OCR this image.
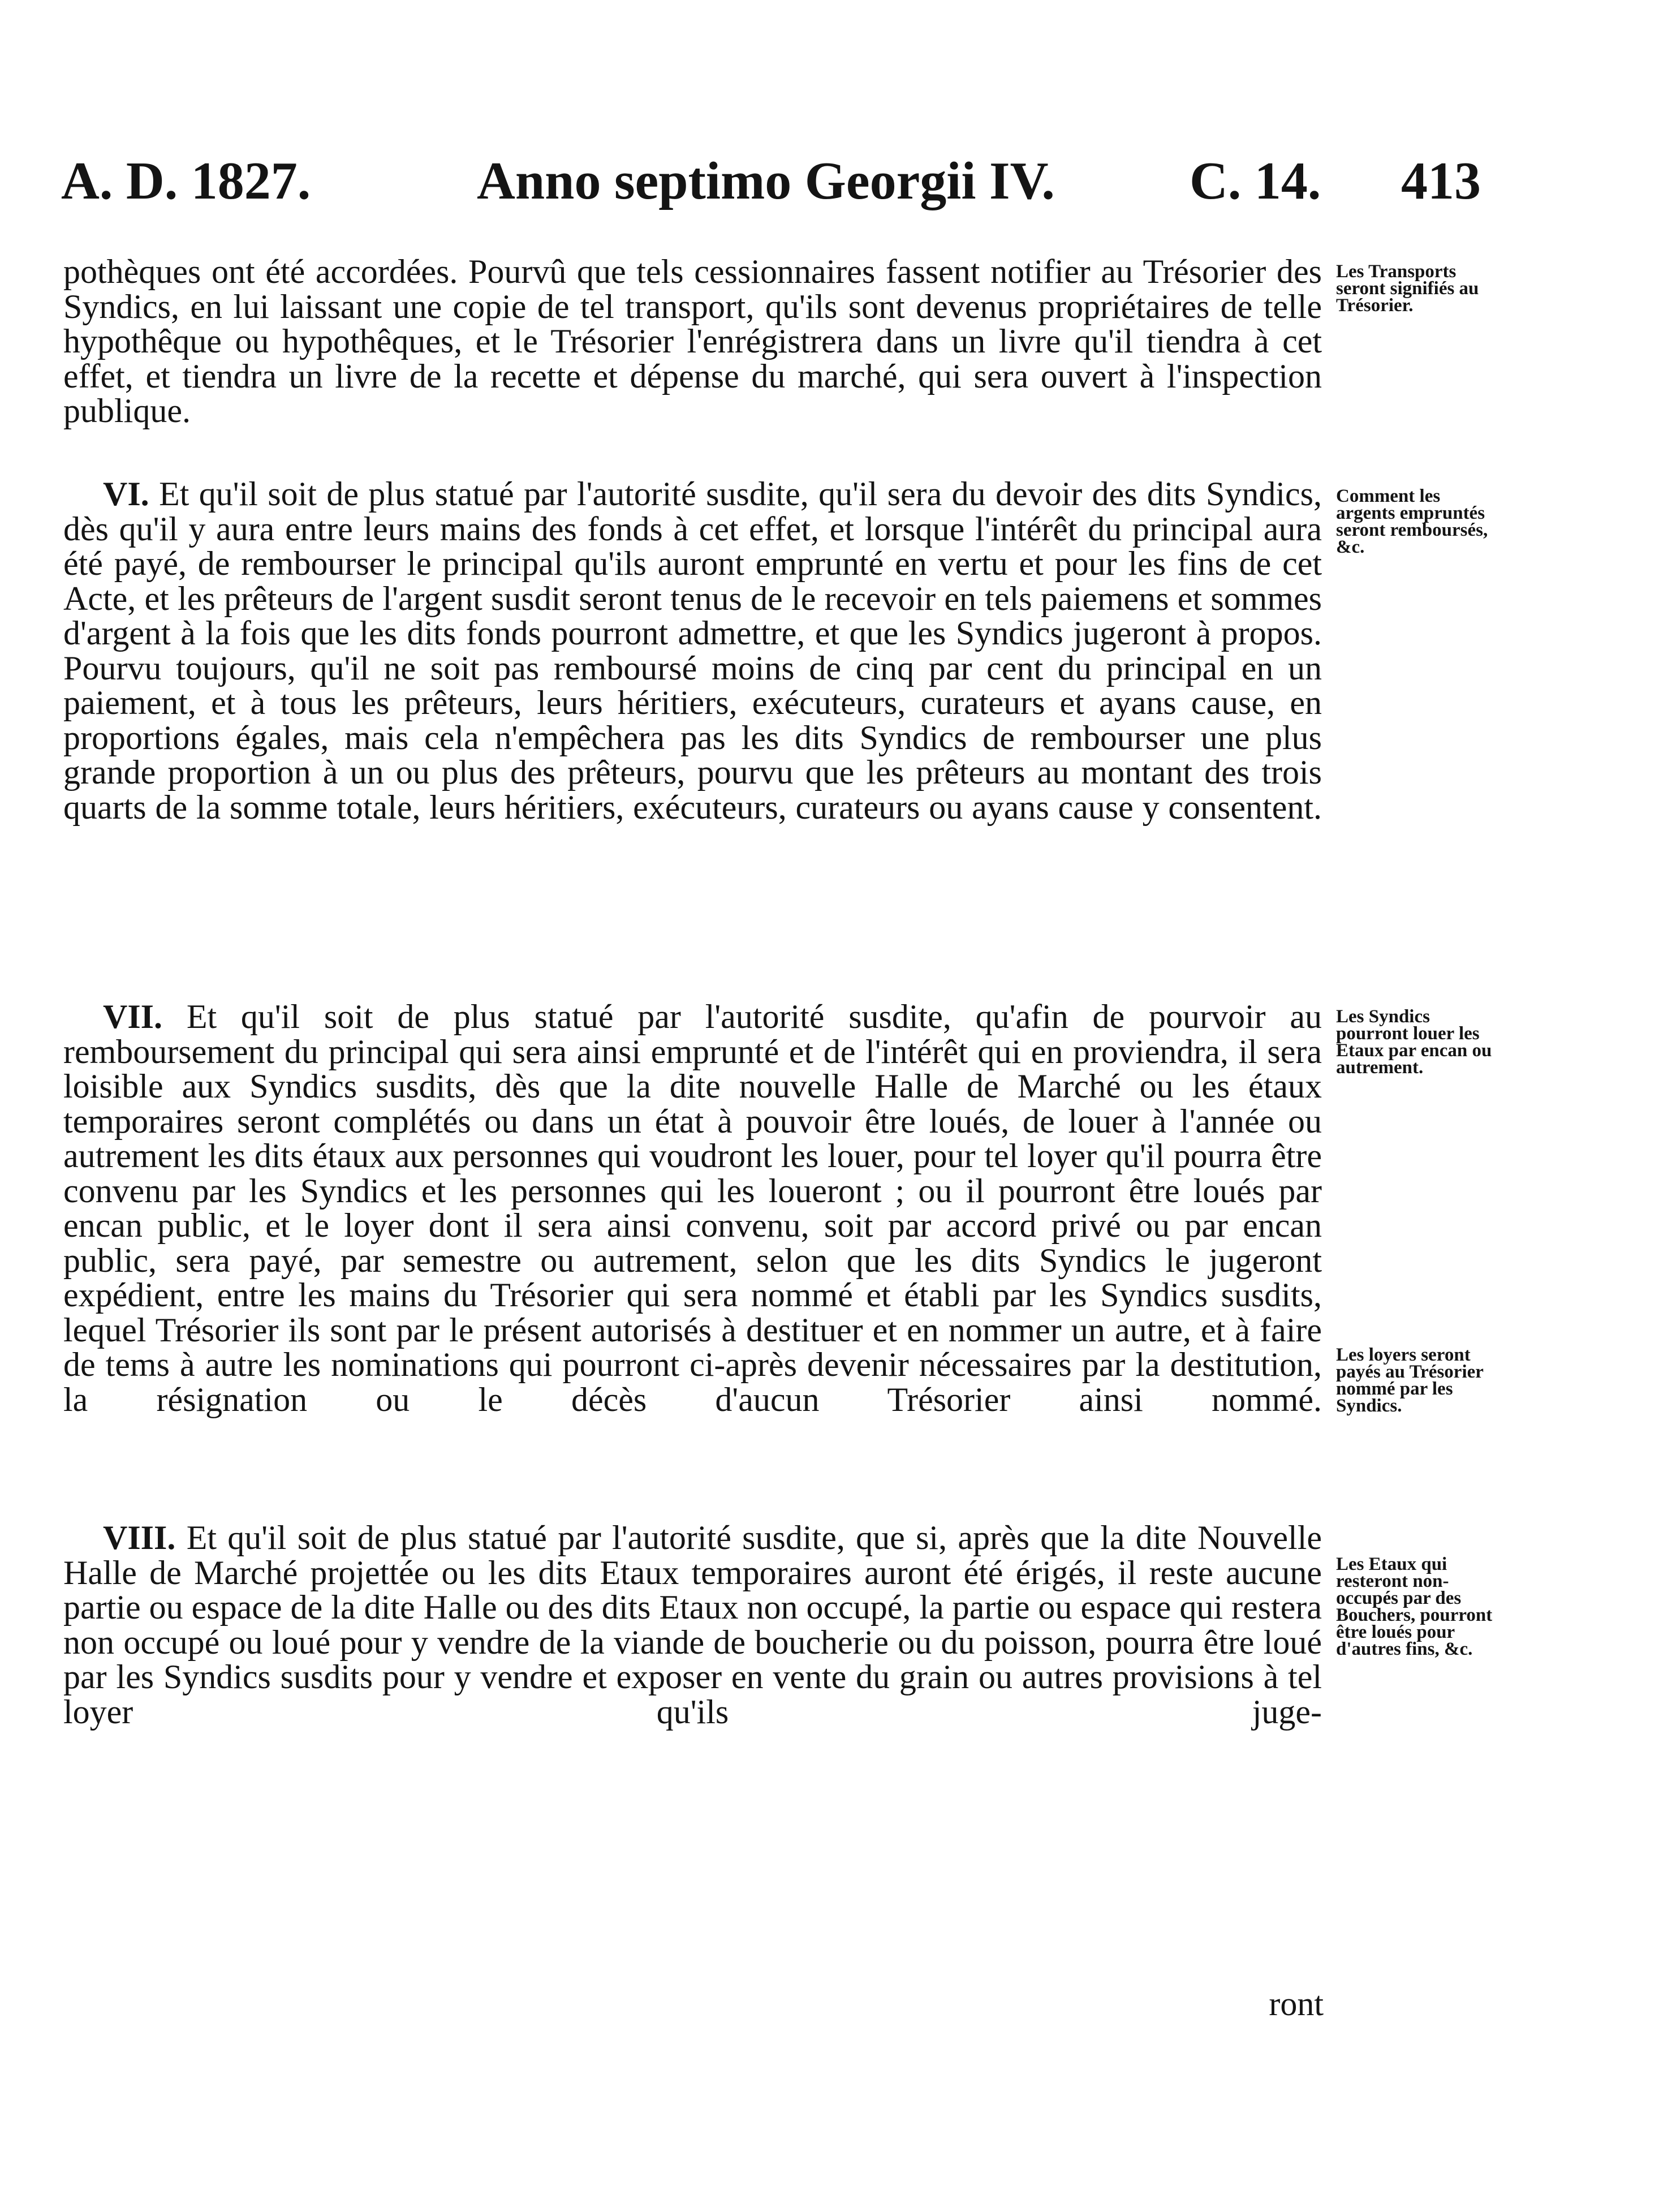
A. D. 1827.	Anno septimo Georgii IV.	C. 14. 413

pothèques ont été accordées. Pourvû que tels cessionnaires fassent notifier au Trésorier des Syndics, en lui laissant une copie de tel transport, qu'ils sont devenus propriétaires de telle hypothêque ou hypothêques, et le Trésorier l'enrégistrera dans un livre qu'il tiendra à cet effet, et tiendra un livre de la recette et dépense du marché, qui sera ouvert à l'inspection publique.

VI. Et qu'il soit de plus statué par l'autorité susdite, qu'il sera du devoir des dits Syndics, dès qu'il y aura entre leurs mains des fonds à cet effet, et lorsque l'intérêt du principal aura été payé, de rembourser le principal qu'ils auront emprunté en vertu et pour les fins de cet Acte, et les prêteurs de l'argent susdit seront tenus de le recevoir en tels paiemens et sommes d'argent à la fois que les dits fonds pourront admettre, et que les Syndics jugeront à propos. Pourvu toujours, qu'il ne soit pas remboursé moins de cinq par cent du principal en un paiement, et à tous les prêteurs, leurs héritiers, exécuteurs, curateurs et ayans cause, en proportions égales, mais cela n'empêchera pas les dits Syndics de rembourser une plus grande proportion à un ou plus des prêteurs, pourvu que les prêteurs au montant des trois quarts de la somme totale, leurs héritiers, exécuteurs, curateurs ou ayans cause y consentent.

VII. Et qu'il soit de plus statué par l'autorité susdite, qu'afin de pourvoir au remboursement du principal qui sera ainsi emprunté et de l'intérêt qui en proviendra, il sera loisible aux Syndics susdits, dès que la dite nouvelle Halle de Marché ou les étaux temporaires seront complétés ou dans un état à pouvoir être loués, de louer à l'année ou autrement les dits étaux aux personnes qui voudront les louer, pour tel loyer qu'il pourra être convenu par les Syndics et les personnes qui les loueront ; ou il pourront être loués par encan public, et le loyer dont il sera ainsi convenu, soit par accord privé ou par encan public, sera payé, par semestre ou autrement, selon que les dits Syndics le jugeront expédient, entre les mains du Trésorier qui sera nommé et établi par les Syndics susdits, lequel Trésorier ils sont par le présent autorisés à destituer et en nommer un autre, et à faire de tems à autre les nominations qui pourront ci-après devenir nécessaires par la destitution, la résignation ou le décès d'aucun Trésorier ainsi nommé.

VIII. Et qu'il soit de plus statué par l'autorité susdite, que si, après que la dite Nouvelle Halle de Marché projettée ou les dits Etaux temporaires auront été érigés, il reste aucune partie ou espace de la dite Halle ou des dits Etaux non occupé, la partie ou espace qui restera non occupé ou loué pour y vendre de la viande de boucherie ou du poisson, pourra être loué par les Syndics susdits pour y vendre et exposer en vente du grain ou autres provisions à tel loyer qu'ils juge-

ront

Les Transports seront signifiés au Trésorier.

Comment les argents empruntés seront remboursés, &c.

Les Syndics pourront louer les Etaux par encan ou autrement.

Les loyers seront payés au Trésorier nommé par les Syndics.

Les Etaux qui resteront non-occupés par des Bouchers, pourront être loués pour d'autres fins, &c.
